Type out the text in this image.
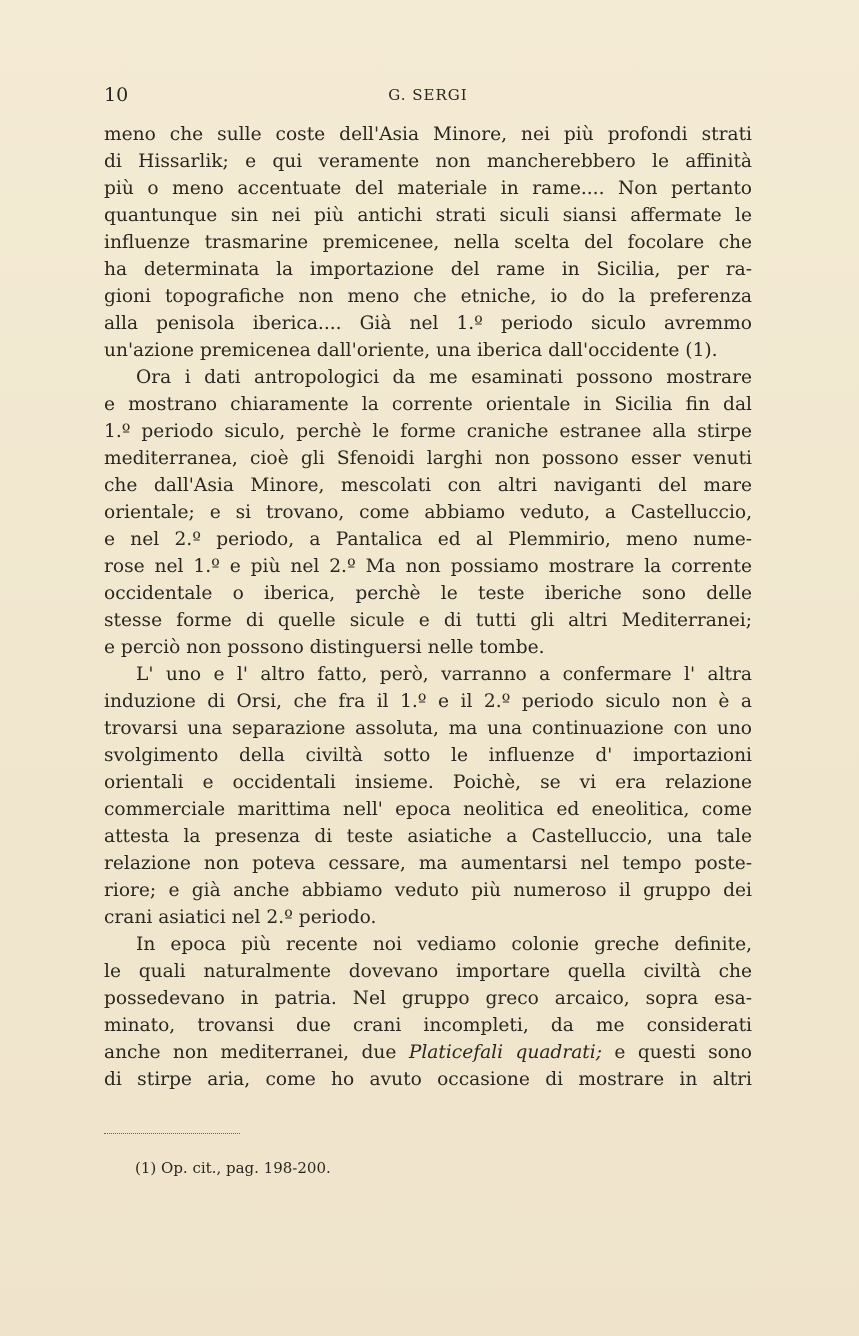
10	G. SERGI
meno che sulle coste dell'Asia Minore, nei più profondi strati
di Hissarlik; e qui veramente non mancherebbero le affinità
più o meno accentuate del materiale in rame.... Non pertanto
quantunque sin nei più antichi strati siculi siansi affermate le
influenze trasmarine premicenee, nella scelta del focolare che
ha determinata la importazione del rame in Sicilia, per ra-
gioni topografiche non meno che etniche, io do la preferenza
alla penisola iberica.... Già nel 1.º periodo siculo avremmo
un'azione premicenea dall'oriente, una iberica dall'occidente (1).
Ora i dati antropologici da me esaminati possono mostrare
e mostrano chiaramente la corrente orientale in Sicilia fin dal
1.º periodo siculo, perchè le forme craniche estranee alla stirpe
mediterranea, cioè gli Sfenoidi larghi non possono esser venuti
che dall'Asia Minore, mescolati con altri naviganti del mare
orientale; e si trovano, come abbiamo veduto, a Castelluccio,
e nel 2.º periodo, a Pantalica ed al Plemmirio, meno nume-
rose nel 1.º e più nel 2.º Ma non possiamo mostrare la corrente
occidentale o iberica, perchè le teste iberiche sono delle
stesse forme di quelle sicule e di tutti gli altri Mediterranei;
e perciò non possono distinguersi nelle tombe.
L' uno e l' altro fatto, però, varranno a confermare l' altra
induzione di Orsi, che fra il 1.º e il 2.º periodo siculo non è a
trovarsi una separazione assoluta, ma una continuazione con uno
svolgimento della civiltà sotto le influenze d' importazioni
orientali e occidentali insieme. Poichè, se vi era relazione
commerciale marittima nell' epoca neolitica ed eneolitica, come
attesta la presenza di teste asiatiche a Castelluccio, una tale
relazione non poteva cessare, ma aumentarsi nel tempo poste-
riore; e già anche abbiamo veduto più numeroso il gruppo dei
crani asiatici nel 2.º periodo.
In epoca più recente noi vediamo colonie greche definite,
le quali naturalmente dovevano importare quella civiltà che
possedevano in patria. Nel gruppo greco arcaico, sopra esa-
minato, trovansi due crani incompleti, da me considerati
anche non mediterranei, due Platicefali quadrati; e questi sono
di stirpe aria, come ho avuto occasione di mostrare in altri
(1) Op. cit., pag. 198-200.
